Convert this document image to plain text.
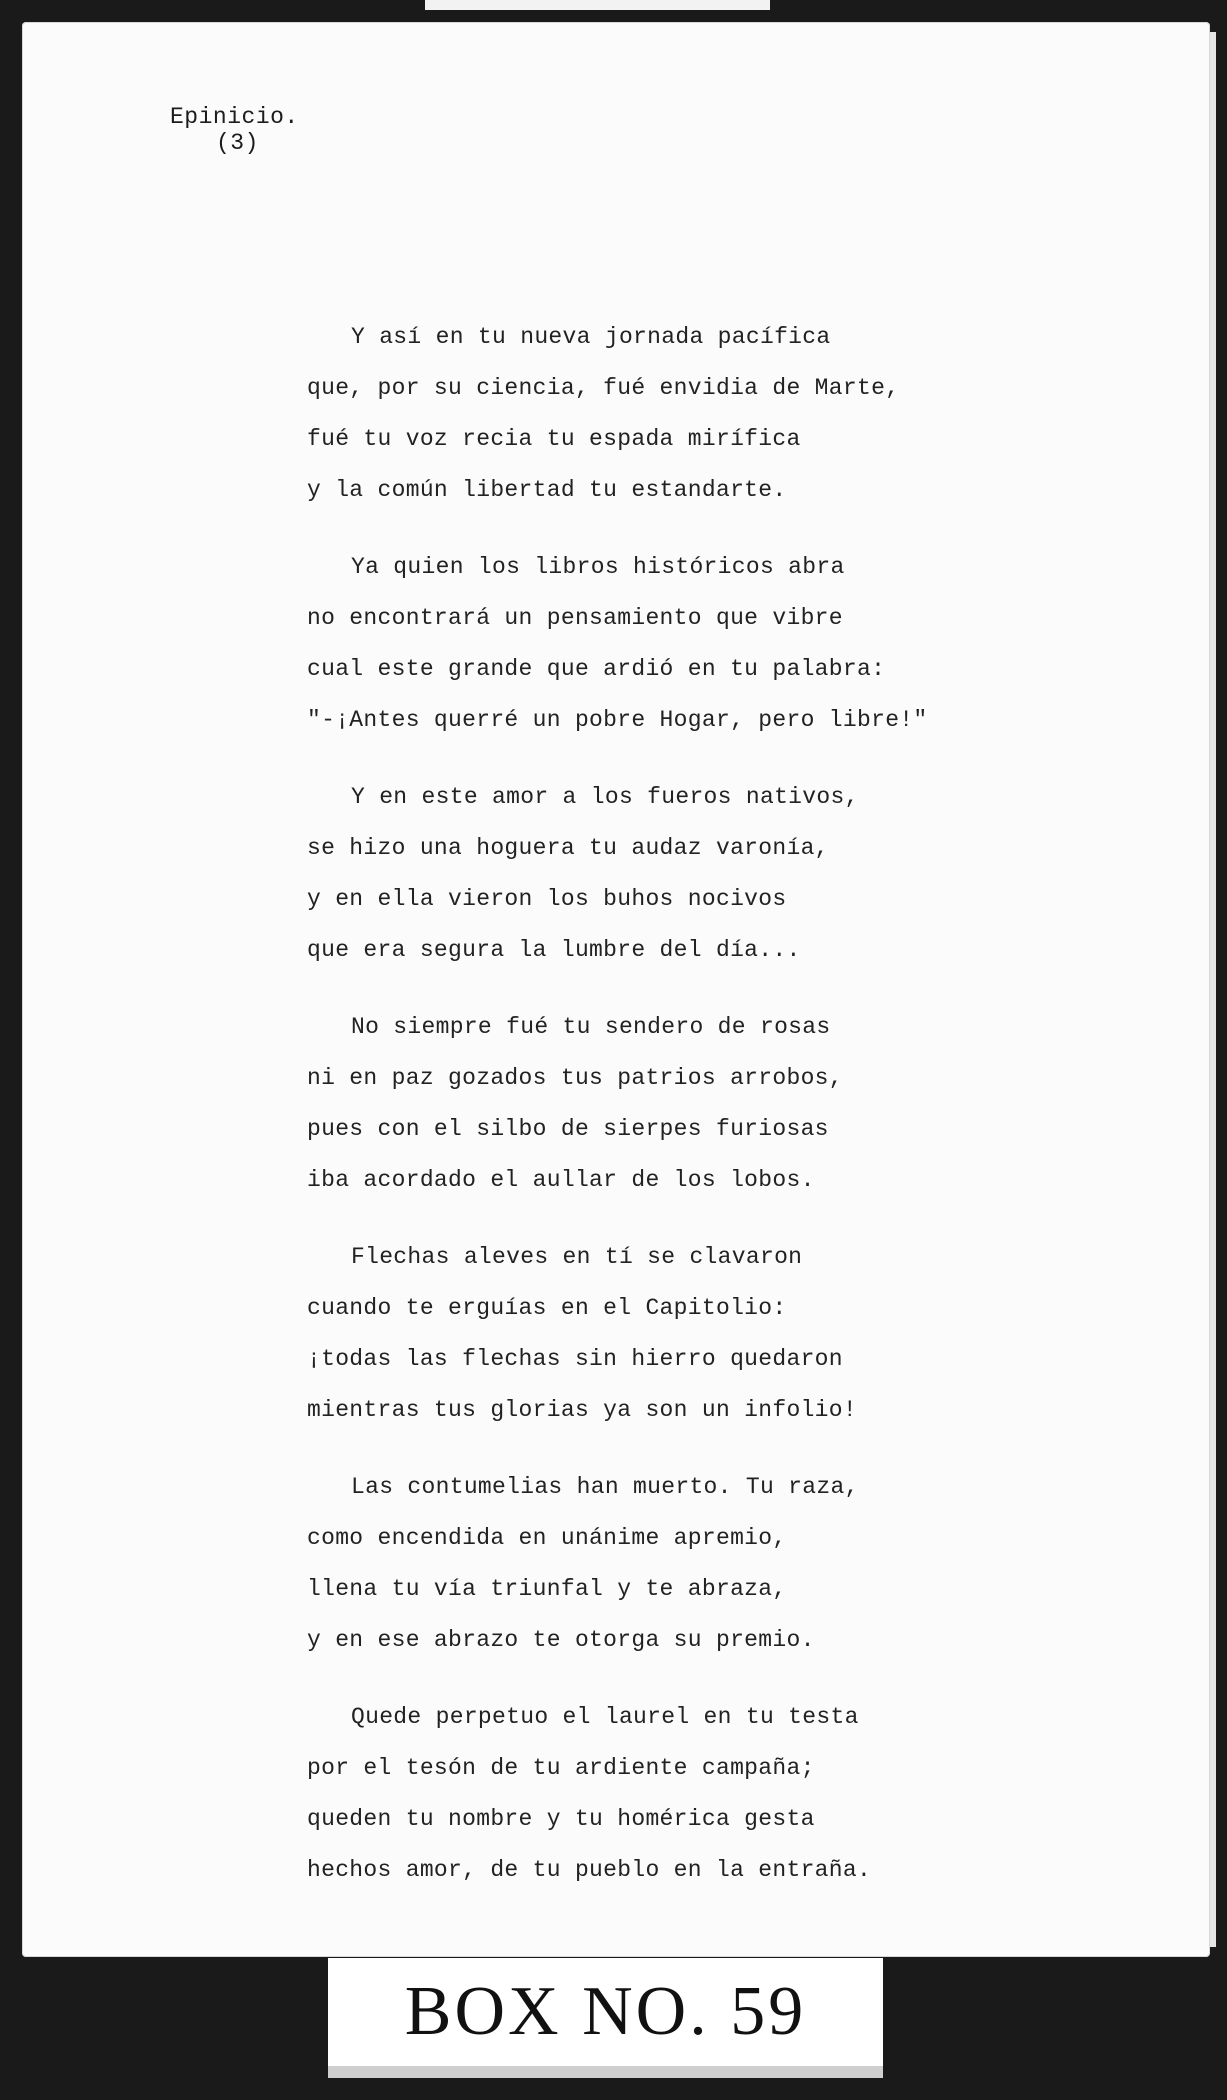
Epinicio.
(3)
Y así en tu nueva jornada pacífica
que, por su ciencia, fué envidia de Marte,
fué tu voz recia tu espada mirífica
y la común libertad tu estandarte.
Ya quien los libros históricos abra
no encontrará un pensamiento que vibre
cual este grande que ardió en tu palabra:
"-¡Antes querré un pobre Hogar, pero libre!"
Y en este amor a los fueros nativos,
se hizo una hoguera tu audaz varonía,
y en ella vieron los buhos nocivos
que era segura la lumbre del día...
No siempre fué tu sendero de rosas
ni en paz gozados tus patrios arrobos,
pues con el silbo de sierpes furiosas
iba acordado el aullar de los lobos.
Flechas aleves en tí se clavaron
cuando te erguías en el Capitolio:
¡todas las flechas sin hierro quedaron
mientras tus glorias ya son un infolio!
Las contumelias han muerto. Tu raza,
como encendida en unánime apremio,
llena tu vía triunfal y te abraza,
y en ese abrazo te otorga su premio.
Quede perpetuo el laurel en tu testa
por el tesón de tu ardiente campaña;
queden tu nombre y tu homérica gesta
hechos amor, de tu pueblo en la entraña.
BOX NO. 59
